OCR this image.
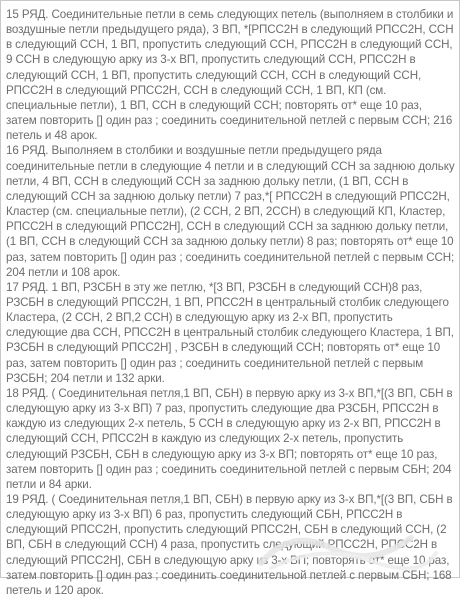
15 РЯД. Соединительные петли в семь следующих петель (выполняем в столбики и воздушные петли предыдущего ряда), 3 ВП, *[РПСС2Н в следующий РПСС2Н, ССН в следующий ССН, 1 ВП, пропустить следующий ССН, РПСС2Н в следующий ССН, 9 ССН в следующую арку из 3-х ВП, пропустить следующий ССН, РПСС2Н в следующий ССН, 1 ВП, пропустить следующий ССН, ССН в следующий ССН, РПСС2Н в следующий РПСС2Н, ССН в следующий ССН, 1 ВП, КП (см. специальные петли), 1 ВП, ССН в следующий ССН; повторять от* еще 10 раз, затем повторить [] один раз ; соединить соединительной петлей с первым ССН; 216 петель и 48 арок.

16 РЯД. Выполняем в столбики и воздушные петли предыдущего ряда соединительные петли в следующие 4 петли и в следующий ССН за заднюю дольку петли, 4 ВП, ССН в следующий ССН за заднюю дольку петли, (1 ВП, ССН в следующий ССН за заднюю дольку петли) 7 раз,*[ РПСС2Н в следующий РПСС2Н, Кластер (см. специальные петли), (2 ССН, 2 ВП, 2ССН) в следующий КП, Кластер, РПСС2Н в следующий РПСС2Н], ССН в следующий ССН за заднюю дольку петли, (1 ВП, ССН в следующий ССН за заднюю дольку петли) 8 раз; повторять от* еще 10 раз, затем повторить [] один раз ; соединить соединительной петлей с первым ССН; 204 петли и 108 арок.

17 РЯД. 1 ВП, РЗСБН в эту же петлю, *[3 ВП, РЗСБН в следующий ССН)8 раз, РЗСБН в следующий РПСС2Н, 1 ВП, РПСС2Н в центральный столбик следующего Кластера, (2 ССН, 2 ВП,2 ССН) в следующую арку из 2-х ВП, пропустить следующие два ССН, РПСС2Н в центральный столбик следующего Кластера, 1 ВП, РЗСБН в следующий РПСС2Н] , РЗСБН в следующий ССН; повторять от* еще 10 раз, затем повторить [] один раз ; соединить соединительной петлей с первым РЗСБН; 204 петли и 132 арки.

18 РЯД. ( Соединительная петля,1 ВП, СБН) в первую арку из 3-х ВП,*[(3 ВП, СБН в следующую арку из 3-х ВП) 7 раз, пропустить следующие два РЗСБН, РПСС2Н в каждую из следующих 2-х петель, 5 ССН в следующую арку из 2-х ВП, РПСС2Н в следующий ССН, РПСС2Н в каждую из следующих 2-х петель, пропустить следующий РЗСБН, СБН в следующую арку из 3-х ВП; повторять от* еще 10 раз, затем повторить [] один раз ; соединить соединительной петлей с первым СБН; 204 петли и 84 арки.

19 РЯД. ( Соединительная петля,1 ВП, СБН) в первую арку из 3-х ВП,*[(3 ВП, СБН в следующую арку из 3-х ВП) 6 раз, пропустить следующий СБН, РПСС2Н в следующий РПСС2Н, пропустить следующий РПСС2Н, СБН в следующий ССН, (2 ВП, СБН в следующий ССН) 4 раза, пропустить следующий РПСС2Н, РПСС2Н в следующий РПСС2Н], СБН в следующую арку из 3-х ВП; повторять от* еще 10 раз, затем повторить [] один раз ; соединить соединительной петлей с первым СБН; 168 петель и 120 арок.
